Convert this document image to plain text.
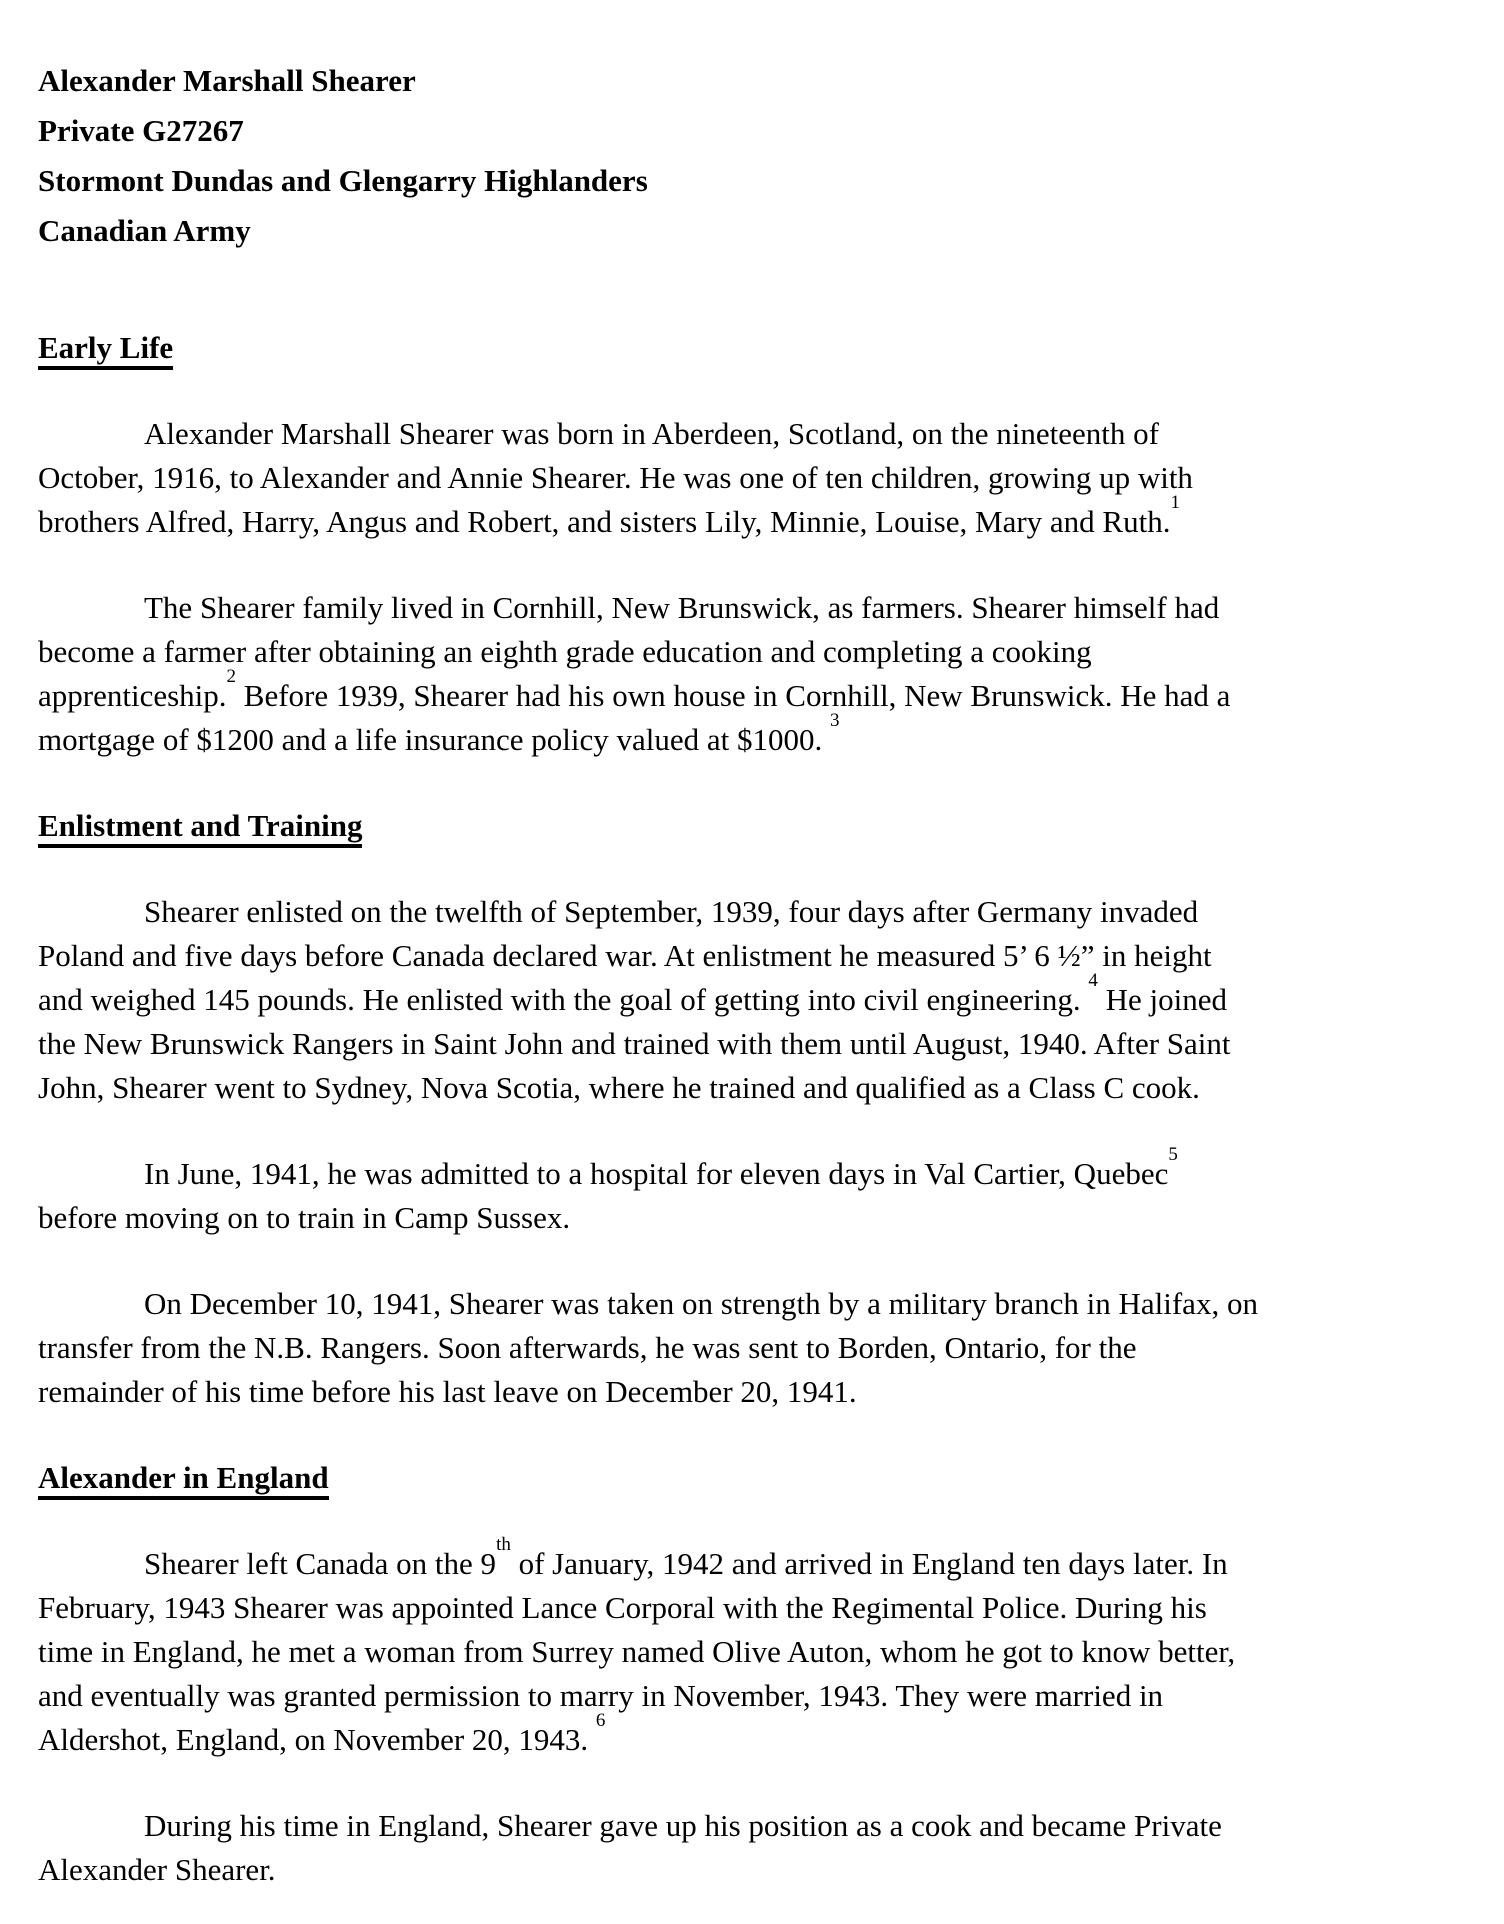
Alexander Marshall Shearer
Private G27267
Stormont Dundas and Glengarry Highlanders
Canadian Army
Early Life
Alexander Marshall Shearer was born in Aberdeen, Scotland, on the nineteenth of
October, 1916, to Alexander and Annie Shearer. He was one of ten children, growing up with
brothers Alfred, Harry, Angus and Robert, and sisters Lily, Minnie, Louise, Mary and Ruth.$^1$
The Shearer family lived in Cornhill, New Brunswick, as farmers. Shearer himself had
become a farmer after obtaining an eighth grade education and completing a cooking
apprenticeship.$^2$ Before 1939, Shearer had his own house in Cornhill, New Brunswick. He had a
mortgage of $1200 and a life insurance policy valued at $1000. $^3$
Enlistment and Training
Shearer enlisted on the twelfth of September, 1939, four days after Germany invaded
Poland and five days before Canada declared war. At enlistment he measured 5’ 6 ½” in height
and weighed 145 pounds. He enlisted with the goal of getting into civil engineering. $^4$ He joined
the New Brunswick Rangers in Saint John and trained with them until August, 1940. After Saint
John, Shearer went to Sydney, Nova Scotia, where he trained and qualified as a Class C cook.
In June, 1941, he was admitted to a hospital for eleven days in Val Cartier, Quebec$^5$
before moving on to train in Camp Sussex.
On December 10, 1941, Shearer was taken on strength by a military branch in Halifax, on
transfer from the N.B. Rangers. Soon afterwards, he was sent to Borden, Ontario, for the
remainder of his time before his last leave on December 20, 1941.
Alexander in England
Shearer left Canada on the 9th of January, 1942 and arrived in England ten days later. In
February, 1943 Shearer was appointed Lance Corporal with the Regimental Police. During his
time in England, he met a woman from Surrey named Olive Auton, whom he got to know better,
and eventually was granted permission to marry in November, 1943. They were married in
Aldershot, England, on November 20, 1943. $^6$
During his time in England, Shearer gave up his position as a cook and became Private
Alexander Shearer.
